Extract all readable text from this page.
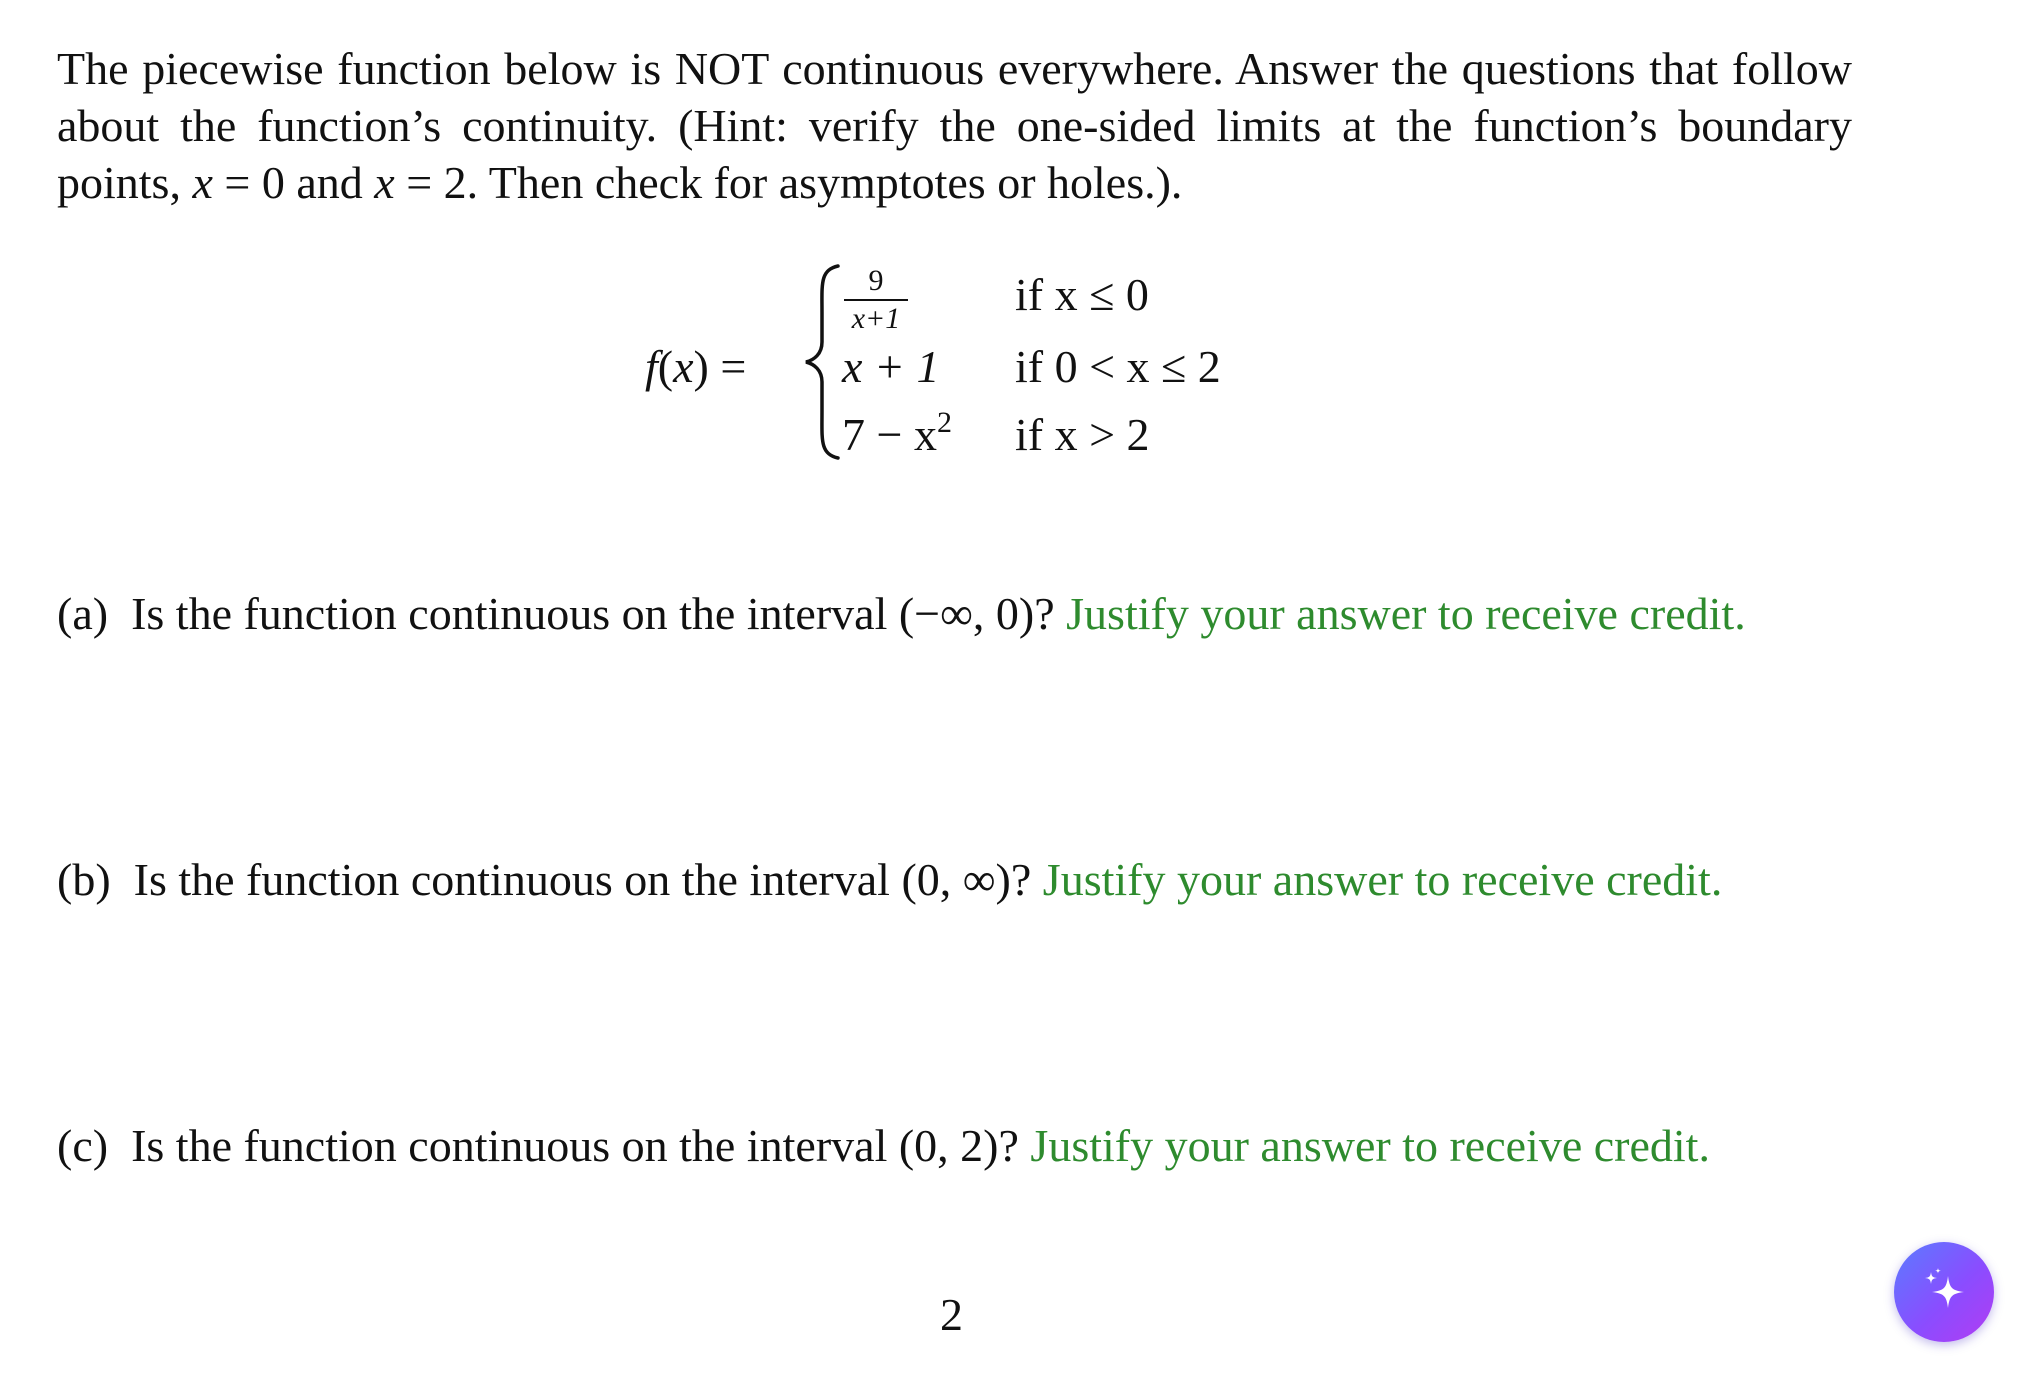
The piecewise function below is NOT continuous everywhere. Answer the questions that follow
about the function’s continuity. (Hint: verify the one-sided limits at the function’s boundary
points, x = 0 and x = 2. Then check for asymptotes or holes.).
f(x) =
9
x+1 if x ≤ 0
x + 1 if 0 < x ≤ 2
$7 - x^2$ if x > 2
(a) Is the function continuous on the interval (−∞, 0)? Justify your answer to receive credit.
(b) Is the function continuous on the interval (0, ∞)? Justify your answer to receive credit.
(c) Is the function continuous on the interval (0, 2)? Justify your answer to receive credit.
2
